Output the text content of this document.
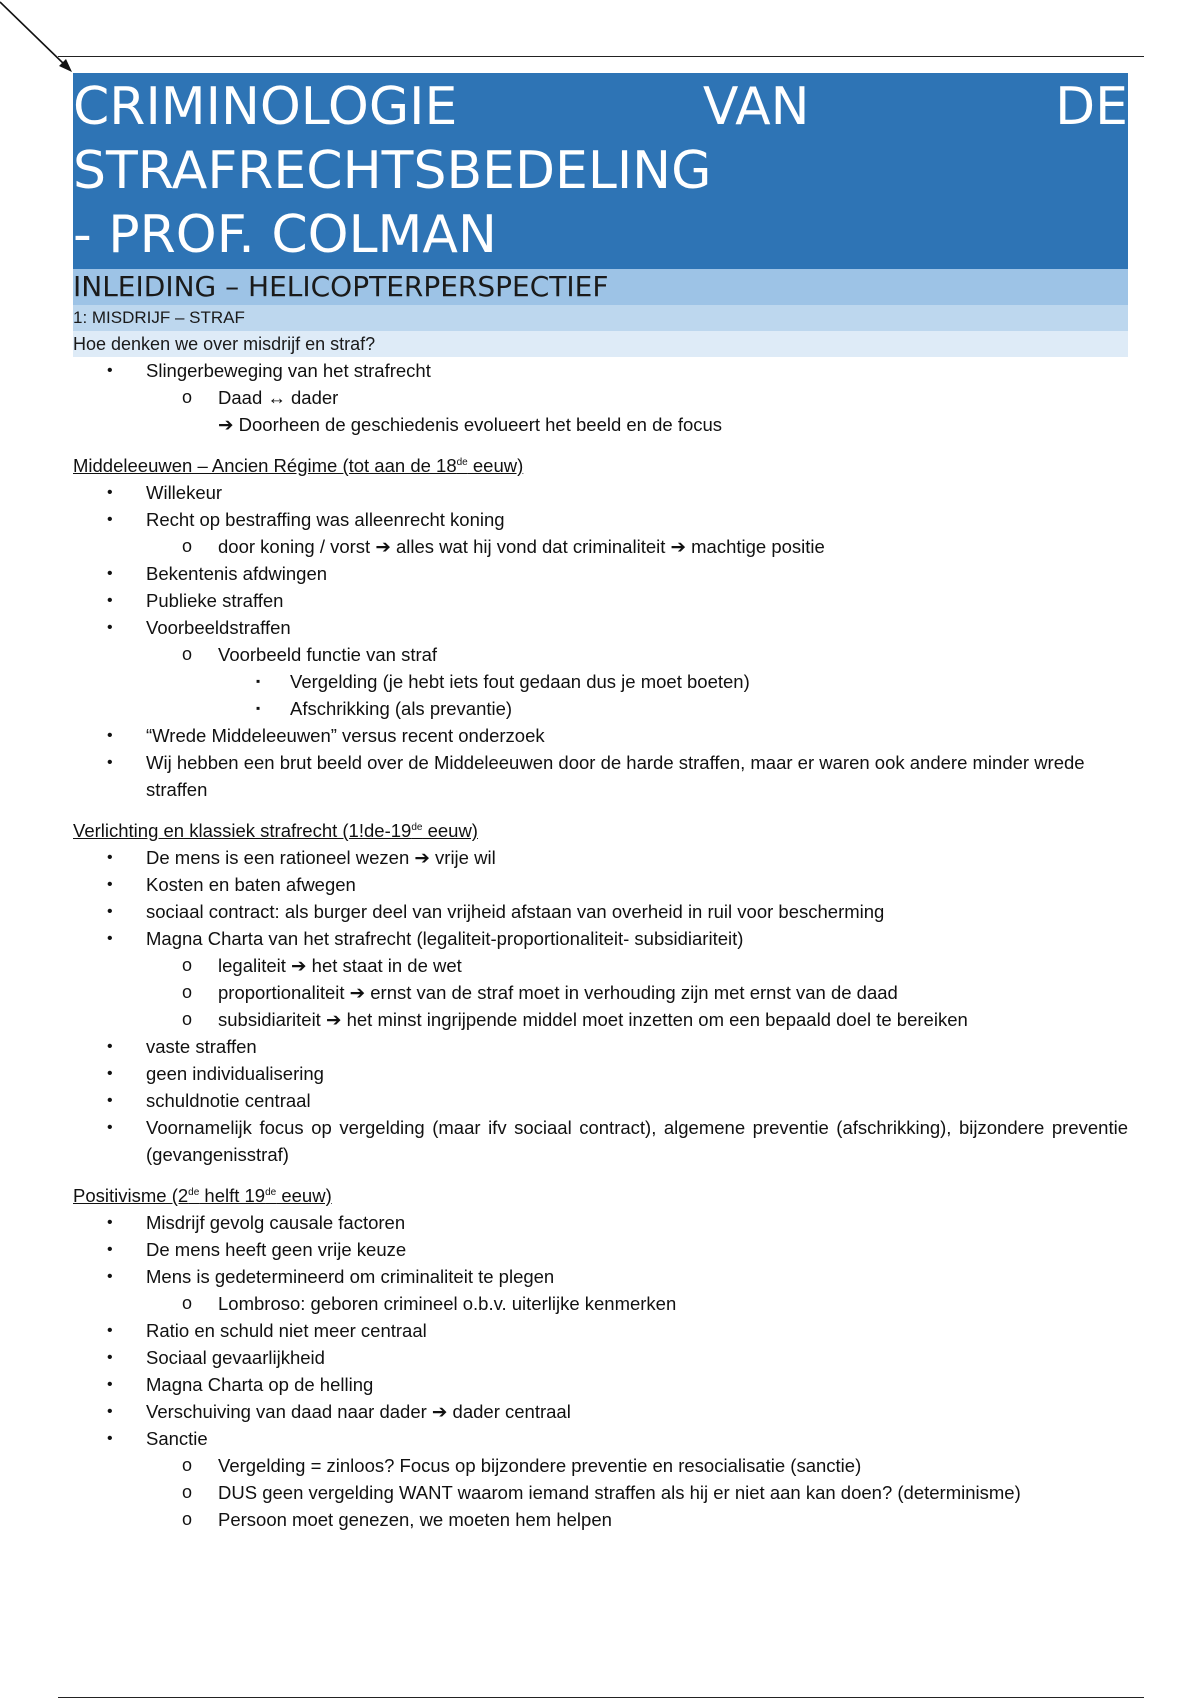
CRIMINOLOGIE	VAN	DE
STRAFRECHTSBEDELING
- PROF. COLMAN
INLEIDING – HELICOPTERPERSPECTIEF
1: MISDRIJF – STRAF
Hoe denken we over misdrijf en straf?
• Slingerbeweging van het strafrecht
o Daad ↔ dader
➔ Doorheen de geschiedenis evolueert het beeld en de focus
Middeleeuwen – Ancien Régime (tot aan de 18de eeuw)
• Willekeur
• Recht op bestraffing was alleenrecht koning
o door koning / vorst ➔ alles wat hij vond dat criminaliteit ➔ machtige positie
• Bekentenis afdwingen
• Publieke straffen
• Voorbeeldstraffen
o Voorbeeld functie van straf
▪ Vergelding (je hebt iets fout gedaan dus je moet boeten)
▪ Afschrikking (als prevantie)
• “Wrede Middeleeuwen” versus recent onderzoek
• Wij hebben een brut beeld over de Middeleeuwen door de harde straffen, maar er waren ook andere minder wrede straffen
Verlichting en klassiek strafrecht (1!de-19de eeuw)
• De mens is een rationeel wezen ➔ vrije wil
• Kosten en baten afwegen
• sociaal contract: als burger deel van vrijheid afstaan van overheid in ruil voor bescherming
• Magna Charta van het strafrecht (legaliteit-proportionaliteit- subsidiariteit)
o legaliteit ➔ het staat in de wet
o proportionaliteit ➔ ernst van de straf moet in verhouding zijn met ernst van de daad
o subsidiariteit ➔ het minst ingrijpende middel moet inzetten om een bepaald doel te bereiken
• vaste straffen
• geen individualisering
• schuldnotie centraal
• Voornamelijk focus op vergelding (maar ifv sociaal contract), algemene preventie (afschrikking), bijzondere preventie (gevangenisstraf)
Positivisme (2de helft 19de eeuw)
• Misdrijf gevolg causale factoren
• De mens heeft geen vrije keuze
• Mens is gedetermineerd om criminaliteit te plegen
o Lombroso: geboren crimineel o.b.v. uiterlijke kenmerken
• Ratio en schuld niet meer centraal
• Sociaal gevaarlijkheid
• Magna Charta op de helling
• Verschuiving van daad naar dader ➔ dader centraal
• Sanctie
o Vergelding = zinloos? Focus op bijzondere preventie en resocialisatie (sanctie)
o DUS geen vergelding WANT waarom iemand straffen als hij er niet aan kan doen? (determinisme)
o Persoon moet genezen, we moeten hem helpen
